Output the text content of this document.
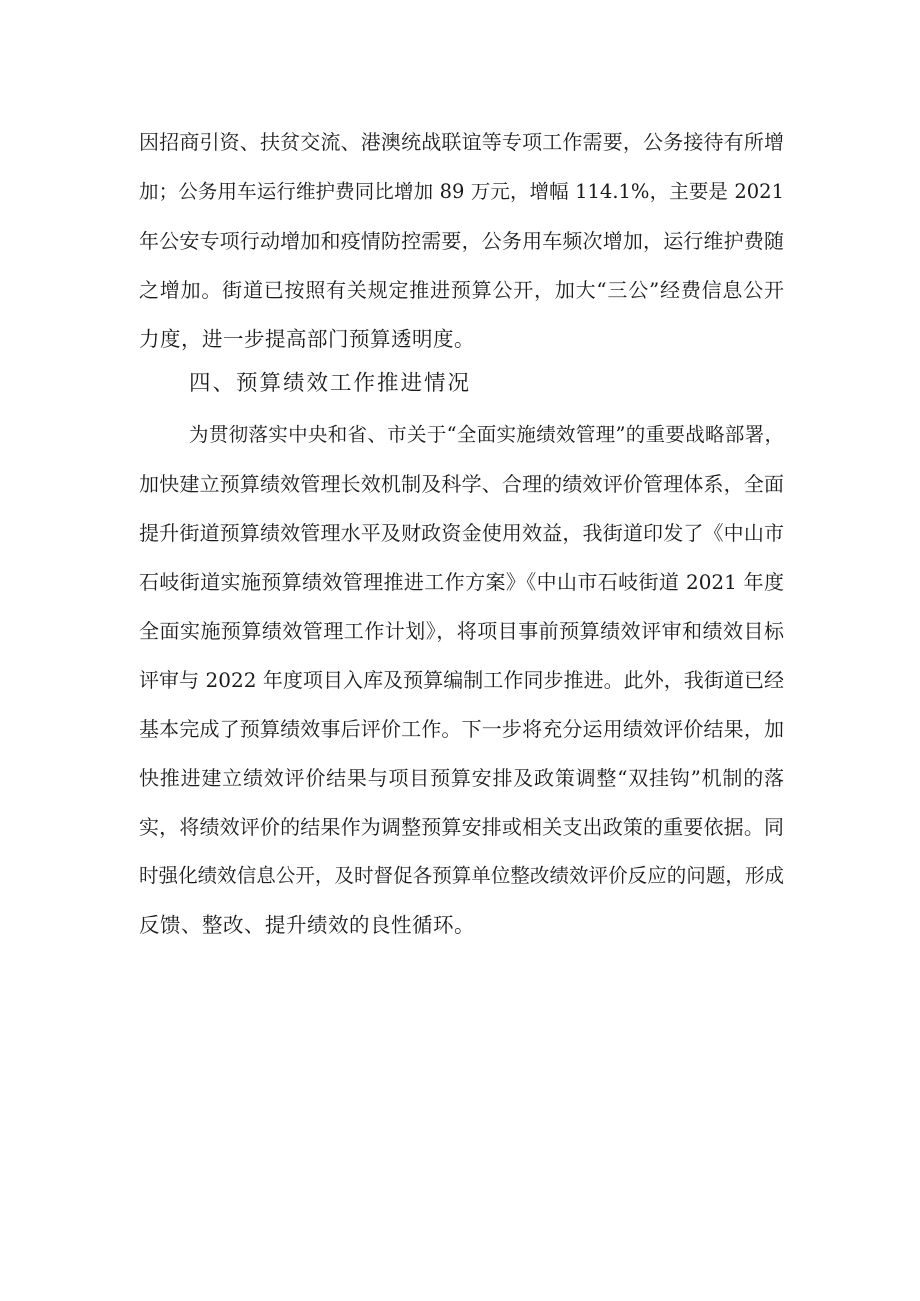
因招商引资、扶贫交流、港澳统战联谊等专项工作需要，公务接待有所增
加；公务用车运行维护费同比增加 89 万元，增幅 114.1%，主要是 2021
年公安专项行动增加和疫情防控需要，公务用车频次增加，运行维护费随
之增加。街道已按照有关规定推进预算公开，加大“三公”经费信息公开
力度，进一步提高部门预算透明度。
四、预算绩效工作推进情况
为贯彻落实中央和省、市关于“全面实施绩效管理”的重要战略部署，
加快建立预算绩效管理长效机制及科学、合理的绩效评价管理体系，全面
提升街道预算绩效管理水平及财政资金使用效益，我街道印发了《中山市
石岐街道实施预算绩效管理推进工作方案》《中山市石岐街道 2021 年度
全面实施预算绩效管理工作计划》，将项目事前预算绩效评审和绩效目标
评审与 2022 年度项目入库及预算编制工作同步推进。此外，我街道已经
基本完成了预算绩效事后评价工作。下一步将充分运用绩效评价结果，加
快推进建立绩效评价结果与项目预算安排及政策调整“双挂钩”机制的落
实，将绩效评价的结果作为调整预算安排或相关支出政策的重要依据。同
时强化绩效信息公开，及时督促各预算单位整改绩效评价反应的问题，形成
反馈、整改、提升绩效的良性循环。
